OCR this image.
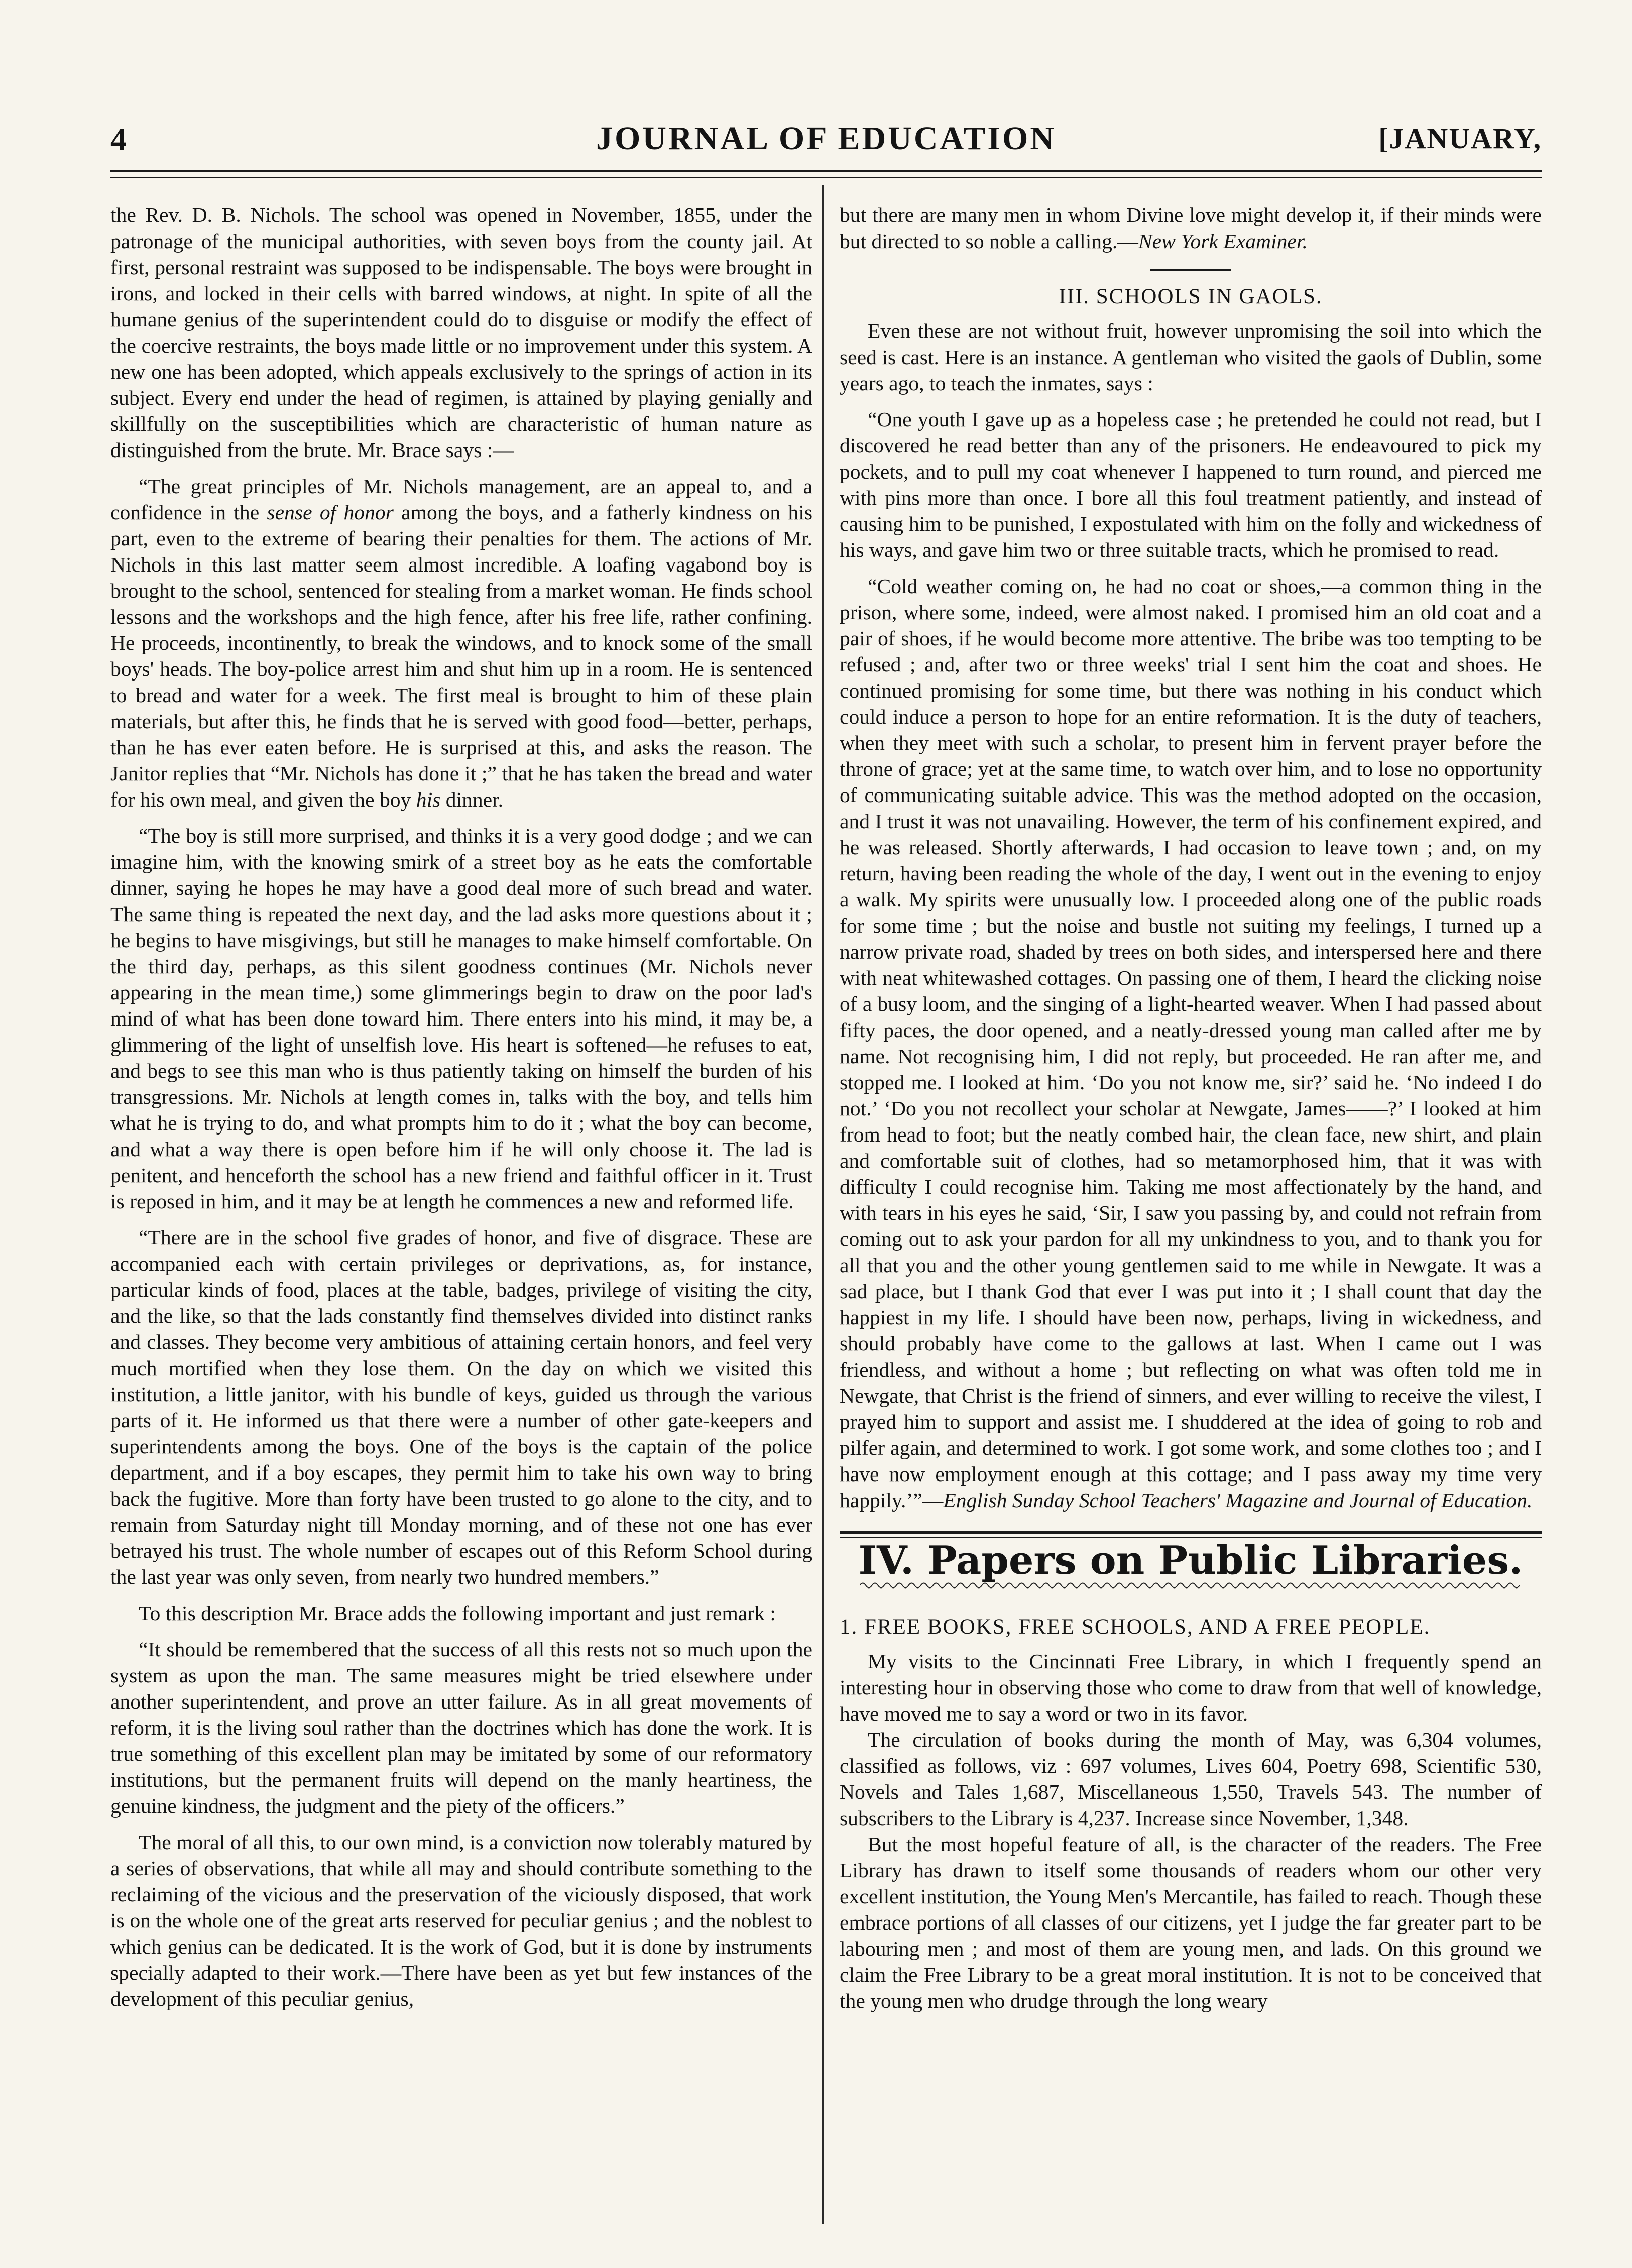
4	JOURNAL OF EDUCATION	[JANUARY,

the Rev. D. B. Nichols. The school was opened in November, 1855, under the patronage of the municipal authorities, with seven boys from the county jail. At first, personal restraint was supposed to be indispensable. The boys were brought in irons, and locked in their cells with barred windows, at night. In spite of all the humane genius of the superintendent could do to disguise or modify the effect of the coercive restraints, the boys made little or no improvement under this system. A new one has been adopted, which appeals exclusively to the springs of action in its subject. Every end under the head of regimen, is attained by playing genially and skillfully on the susceptibilities which are characteristic of human nature as distinguished from the brute. Mr. Brace says :—

“The great principles of Mr. Nichols management, are an appeal to, and a confidence in the sense of honor among the boys, and a fatherly kindness on his part, even to the extreme of bearing their penalties for them. The actions of Mr. Nichols in this last matter seem almost incredible. A loafing vagabond boy is brought to the school, sentenced for stealing from a market woman. He finds school lessons and the workshops and the high fence, after his free life, rather confining. He proceeds, incontinently, to break the windows, and to knock some of the small boys' heads. The boy-police arrest him and shut him up in a room. He is sentenced to bread and water for a week. The first meal is brought to him of these plain materials, but after this, he finds that he is served with good food—better, perhaps, than he has ever eaten before. He is surprised at this, and asks the reason. The Janitor replies that “Mr. Nichols has done it ;” that he has taken the bread and water for his own meal, and given the boy his dinner.

“The boy is still more surprised, and thinks it is a very good dodge ; and we can imagine him, with the knowing smirk of a street boy as he eats the comfortable dinner, saying he hopes he may have a good deal more of such bread and water. The same thing is repeated the next day, and the lad asks more questions about it ; he begins to have misgivings, but still he manages to make himself comfortable. On the third day, perhaps, as this silent goodness continues (Mr. Nichols never appearing in the mean time,) some glimmerings begin to draw on the poor lad's mind of what has been done toward him. There enters into his mind, it may be, a glimmering of the light of unselfish love. His heart is softened—he refuses to eat, and begs to see this man who is thus patiently taking on himself the burden of his transgressions. Mr. Nichols at length comes in, talks with the boy, and tells him what he is trying to do, and what prompts him to do it ; what the boy can become, and what a way there is open before him if he will only choose it. The lad is penitent, and henceforth the school has a new friend and faithful officer in it. Trust is reposed in him, and it may be at length he commences a new and reformed life.

“There are in the school five grades of honor, and five of disgrace. These are accompanied each with certain privileges or deprivations, as, for instance, particular kinds of food, places at the table, badges, privilege of visiting the city, and the like, so that the lads constantly find themselves divided into distinct ranks and classes. They become very ambitious of attaining certain honors, and feel very much mortified when they lose them. On the day on which we visited this institution, a little janitor, with his bundle of keys, guided us through the various parts of it. He informed us that there were a number of other gate-keepers and superintendents among the boys. One of the boys is the captain of the police department, and if a boy escapes, they permit him to take his own way to bring back the fugitive. More than forty have been trusted to go alone to the city, and to remain from Saturday night till Monday morning, and of these not one has ever betrayed his trust. The whole number of escapes out of this Reform School during the last year was only seven, from nearly two hundred members.”

To this description Mr. Brace adds the following important and just remark :

“It should be remembered that the success of all this rests not so much upon the system as upon the man. The same measures might be tried elsewhere under another superintendent, and prove an utter failure. As in all great movements of reform, it is the living soul rather than the doctrines which has done the work. It is true something of this excellent plan may be imitated by some of our reformatory institutions, but the permanent fruits will depend on the manly heartiness, the genuine kindness, the judgment and the piety of the officers.”

The moral of all this, to our own mind, is a conviction now tolerably matured by a series of observations, that while all may and should contribute something to the reclaiming of the vicious and the preservation of the viciously disposed, that work is on the whole one of the great arts reserved for peculiar genius ; and the noblest to which genius can be dedicated. It is the work of God, but it is done by instruments specially adapted to their work.—There have been as yet but few instances of the development of this peculiar genius,

but there are many men in whom Divine love might develop it, if their minds were but directed to so noble a calling.—New York Examiner.

III. SCHOOLS IN GAOLS.

Even these are not without fruit, however unpromising the soil into which the seed is cast. Here is an instance. A gentleman who visited the gaols of Dublin, some years ago, to teach the inmates, says :

“One youth I gave up as a hopeless case ; he pretended he could not read, but I discovered he read better than any of the prisoners. He endeavoured to pick my pockets, and to pull my coat whenever I happened to turn round, and pierced me with pins more than once. I bore all this foul treatment patiently, and instead of causing him to be punished, I expostulated with him on the folly and wickedness of his ways, and gave him two or three suitable tracts, which he promised to read.

“Cold weather coming on, he had no coat or shoes,—a common thing in the prison, where some, indeed, were almost naked. I promised him an old coat and a pair of shoes, if he would become more attentive. The bribe was too tempting to be refused ; and, after two or three weeks' trial I sent him the coat and shoes. He continued promising for some time, but there was nothing in his conduct which could induce a person to hope for an entire reformation. It is the duty of teachers, when they meet with such a scholar, to present him in fervent prayer before the throne of grace; yet at the same time, to watch over him, and to lose no opportunity of communicating suitable advice. This was the method adopted on the occasion, and I trust it was not unavailing. However, the term of his confinement expired, and he was released. Shortly afterwards, I had occasion to leave town ; and, on my return, having been reading the whole of the day, I went out in the evening to enjoy a walk. My spirits were unusually low. I proceeded along one of the public roads for some time ; but the noise and bustle not suiting my feelings, I turned up a narrow private road, shaded by trees on both sides, and interspersed here and there with neat whitewashed cottages. On passing one of them, I heard the clicking noise of a busy loom, and the singing of a light-hearted weaver. When I had passed about fifty paces, the door opened, and a neatly-dressed young man called after me by name. Not recognising him, I did not reply, but proceeded. He ran after me, and stopped me. I looked at him. ‘Do you not know me, sir?’ said he. ‘No indeed I do not.’ ‘Do you not recollect your scholar at Newgate, James——?’ I looked at him from head to foot; but the neatly combed hair, the clean face, new shirt, and plain and comfortable suit of clothes, had so metamorphosed him, that it was with difficulty I could recognise him. Taking me most affectionately by the hand, and with tears in his eyes he said, ‘Sir, I saw you passing by, and could not refrain from coming out to ask your pardon for all my unkindness to you, and to thank you for all that you and the other young gentlemen said to me while in Newgate. It was a sad place, but I thank God that ever I was put into it ; I shall count that day the happiest in my life. I should have been now, perhaps, living in wickedness, and should probably have come to the gallows at last. When I came out I was friendless, and without a home ; but reflecting on what was often told me in Newgate, that Christ is the friend of sinners, and ever willing to receive the vilest, I prayed him to support and assist me. I shuddered at the idea of going to rob and pilfer again, and determined to work. I got some work, and some clothes too ; and I have now employment enough at this cottage; and I pass away my time very happily.’”—English Sunday School Teachers' Magazine and Journal of Education.

IV. Papers on Public Libraries.
1. FREE BOOKS, FREE SCHOOLS, AND A FREE PEOPLE.

My visits to the Cincinnati Free Library, in which I frequently spend an interesting hour in observing those who come to draw from that well of knowledge, have moved me to say a word or two in its favor.

The circulation of books during the month of May, was 6,304 volumes, classified as follows, viz : 697 volumes, Lives 604, Poetry 698, Scientific 530, Novels and Tales 1,687, Miscellaneous 1,550, Travels 543. The number of subscribers to the Library is 4,237. Increase since November, 1,348.

But the most hopeful feature of all, is the character of the readers. The Free Library has drawn to itself some thousands of readers whom our other very excellent institution, the Young Men's Mercantile, has failed to reach. Though these embrace portions of all classes of our citizens, yet I judge the far greater part to be labouring men ; and most of them are young men, and lads. On this ground we claim the Free Library to be a great moral institution. It is not to be conceived that the young men who drudge through the long weary
